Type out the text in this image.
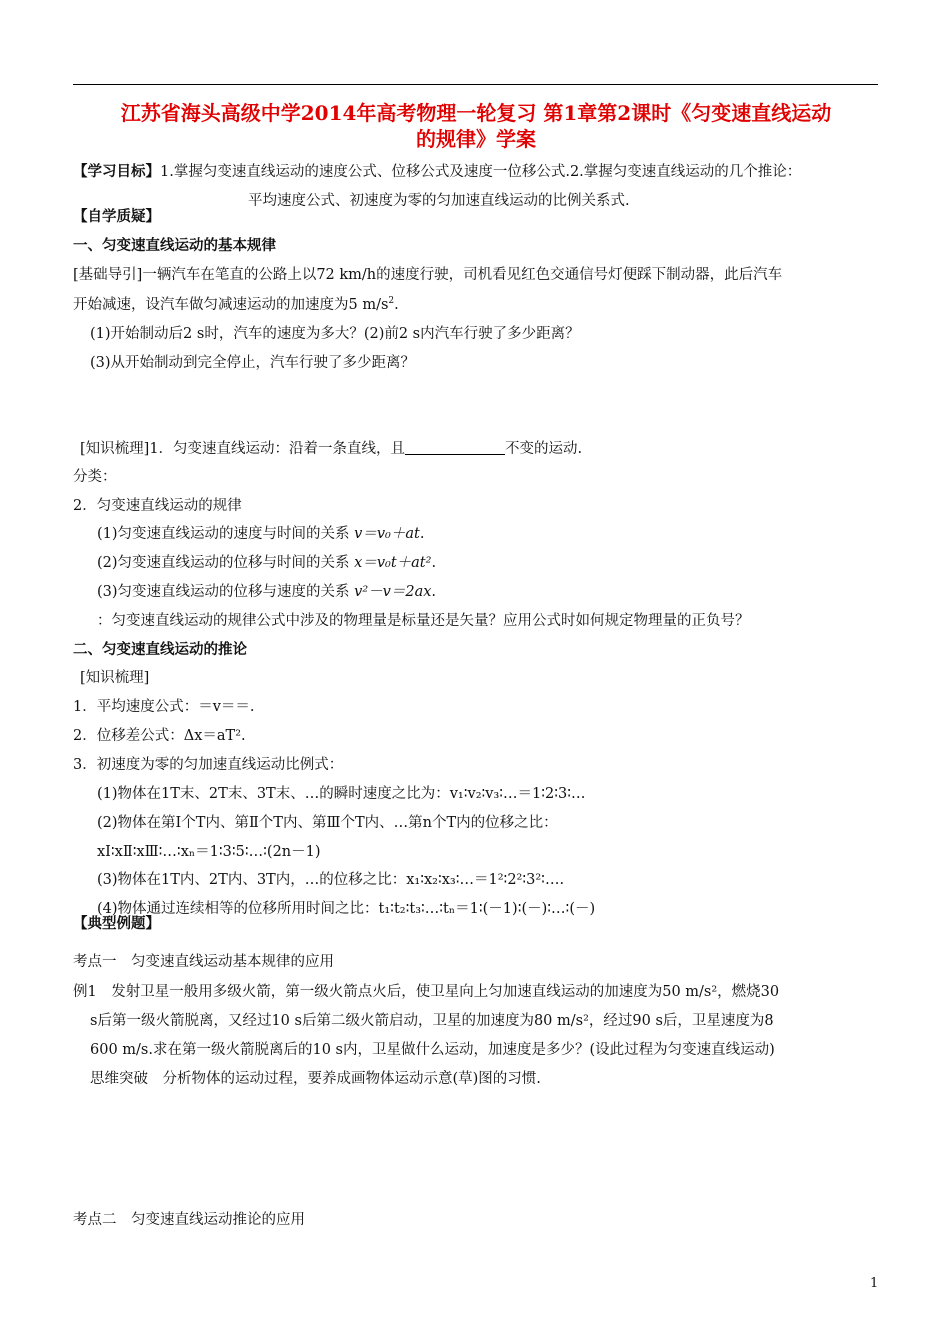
江苏省海头高级中学2014年高考物理一轮复习 第1章第2课时《匀变速直线运动
的规律》学案
【学习目标】1.掌握匀变速直线运动的速度公式、位移公式及速度一位移公式.2.掌握匀变速直线运动的几个推论：
平均速度公式、初速度为零的匀加速直线运动的比例关系式.
【自学质疑】
一、匀变速直线运动的基本规律
[基础导引]一辆汽车在笔直的公路上以72 km/h的速度行驶，司机看见红色交通信号灯便踩下制动器，此后汽车
开始减速，设汽车做匀减速运动的加速度为5 $m/s^2$.
(1)开始制动后2 s时，汽车的速度为多大？(2)前2 s内汽车行驶了多少距离？
(3)从开始制动到完全停止，汽车行驶了多少距离？
[知识梳理]1．匀变速直线运动：沿着一条直线，且	不变的运动.
分类：
2．匀变速直线运动的规律
(1)匀变速直线运动的速度与时间的关系 v＝v₀＋at.
(2)匀变速直线运动的位移与时间的关系 x＝v₀t＋at².
(3)匀变速直线运动的位移与速度的关系 v²－v＝2ax.
：匀变速直线运动的规律公式中涉及的物理量是标量还是矢量？应用公式时如何规定物理量的正负号？
二、匀变速直线运动的推论
[知识梳理]
1．平均速度公式：＝v＝＝.
2．位移差公式：Δx＝aT².
3．初速度为零的匀加速直线运动比例式：
(1)物体在1T末、2T末、3T末、…的瞬时速度之比为：v₁∶v₂∶v₃∶…＝1∶2∶3∶…
(2)物体在第Ⅰ个T内、第Ⅱ个T内、第Ⅲ个T内、…第n个T内的位移之比：
xⅠ∶xⅡ∶xⅢ∶…∶xₙ＝1∶3∶5∶…∶(2n－1)
(3)物体在1T内、2T内、3T内，…的位移之比：x₁∶x₂∶x₃∶…＝1²∶2²∶3²∶….
(4)物体通过连续相等的位移所用时间之比：t₁∶t₂∶t₃∶…∶tₙ＝1∶(－1)∶(－)∶…∶(－)
【典型例题】
考点一　匀变速直线运动基本规律的应用
例1　发射卫星一般用多级火箭，第一级火箭点火后，使卫星向上匀加速直线运动的加速度为50 m/s²，燃烧30
s后第一级火箭脱离，又经过10 s后第二级火箭启动，卫星的加速度为80 m/s²，经过90 s后，卫星速度为8
600 m/s.求在第一级火箭脱离后的10 s内，卫星做什么运动，加速度是多少？(设此过程为匀变速直线运动)
思维突破　分析物体的运动过程，要养成画物体运动示意(草)图的习惯.
考点二　匀变速直线运动推论的应用
1
